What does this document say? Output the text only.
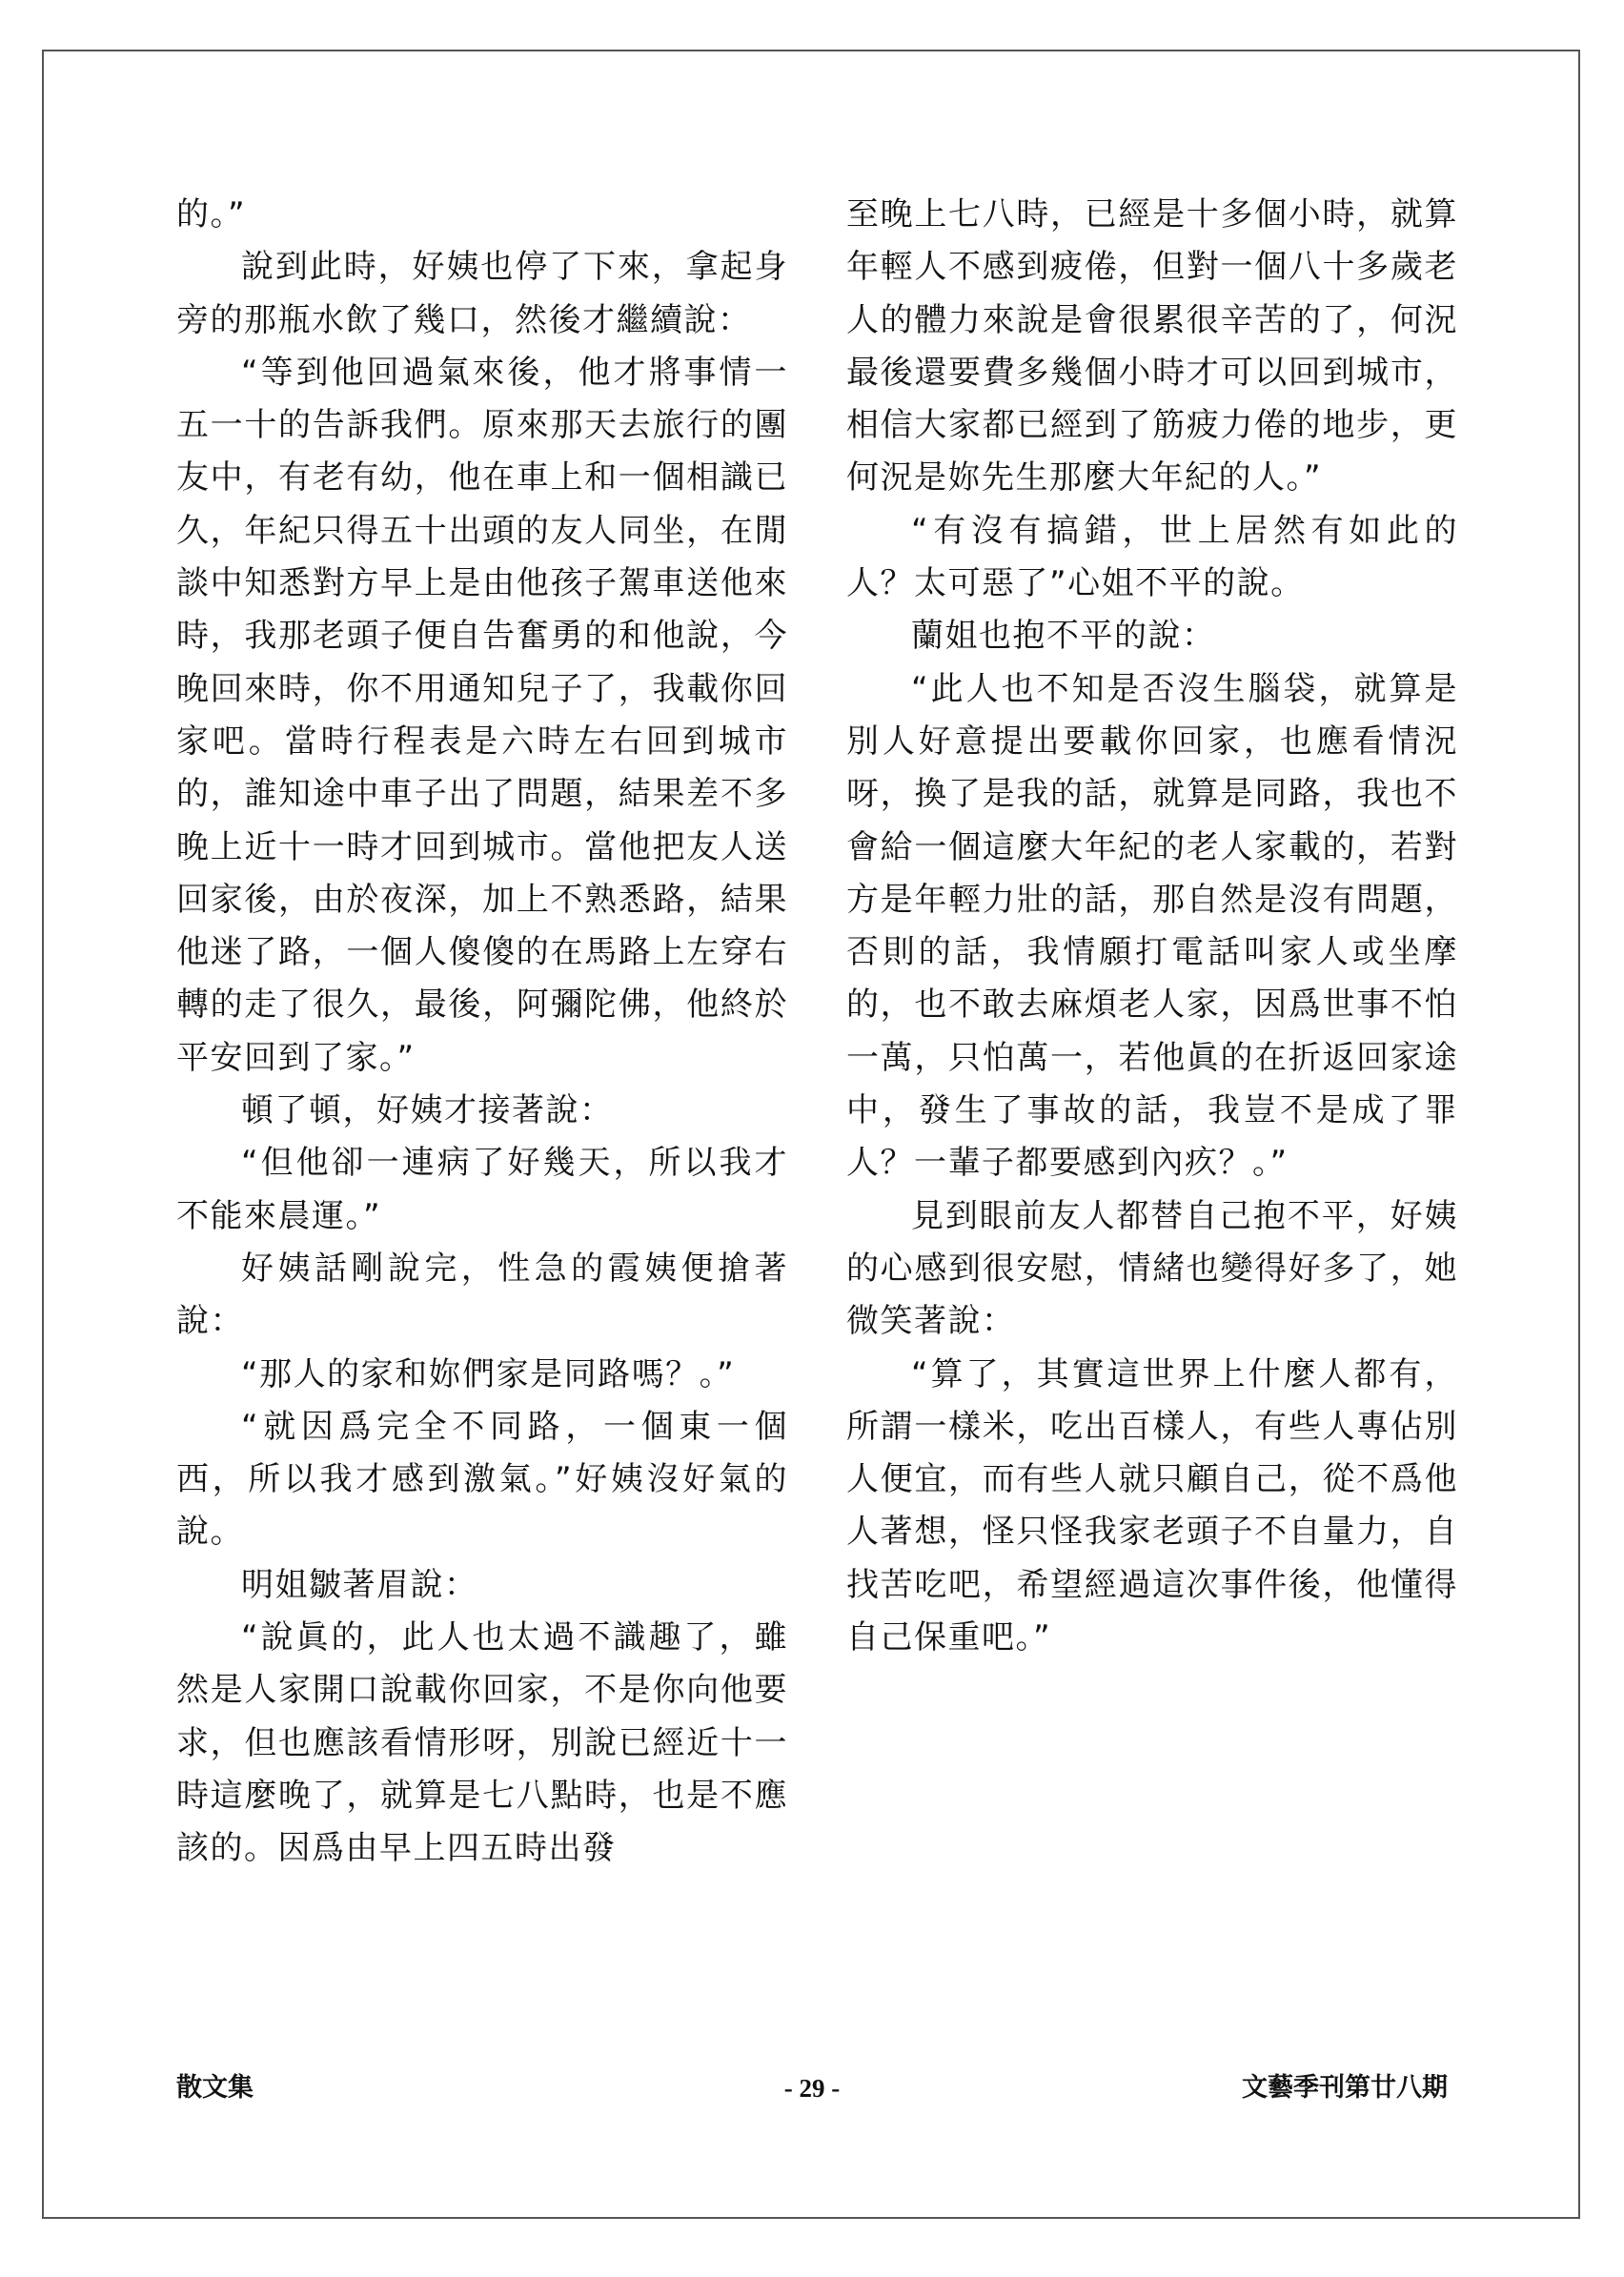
的。”

說到此時，好姨也停了下來，拿起身旁的那瓶水飲了幾口，然後才繼續說：

“等到他回過氣來後，他才將事情一五一十的告訴我們。原來那天去旅行的團友中，有老有幼，他在車上和一個相識已久，年紀只得五十出頭的友人同坐，在閒談中知悉對方早上是由他孩子駕車送他來時，我那老頭子便自告奮勇的和他說，今晚回來時，你不用通知兒子了，我載你回家吧。當時行程表是六時左右回到城市的，誰知途中車子出了問題，結果差不多晚上近十一時才回到城市。當他把友人送回家後，由於夜深，加上不熟悉路，結果他迷了路，一個人傻傻的在馬路上左穿右轉的走了很久，最後，阿彌陀佛，他終於平安回到了家。”

頓了頓，好姨才接著說：

“但他卻一連病了好幾天，所以我才不能來晨運。”

好姨話剛說完，性急的霞姨便搶著說：

“那人的家和妳們家是同路嗎？。”

“就因爲完全不同路，一個東一個西，所以我才感到激氣。”好姨沒好氣的說。

明姐皺著眉說：

“說眞的，此人也太過不識趣了，雖然是人家開口說載你回家，不是你向他要求，但也應該看情形呀，別說已經近十一時這麼晚了，就算是七八點時，也是不應該的。因爲由早上四五時出發

至晚上七八時，已經是十多個小時，就算年輕人不感到疲倦，但對一個八十多歲老人的體力來說是會很累很辛苦的了，何況最後還要費多幾個小時才可以回到城市，相信大家都已經到了筋疲力倦的地步，更何況是妳先生那麼大年紀的人。”

“有沒有搞錯，世上居然有如此的人？太可惡了”心姐不平的說。

蘭姐也抱不平的說：

“此人也不知是否沒生腦袋，就算是別人好意提出要載你回家，也應看情況呀，換了是我的話，就算是同路，我也不會給一個這麼大年紀的老人家載的，若對方是年輕力壯的話，那自然是沒有問題，否則的話，我情願打電話叫家人或坐摩的，也不敢去麻煩老人家，因爲世事不怕一萬，只怕萬一，若他眞的在折返回家途中，發生了事故的話，我豈不是成了罪人？一輩子都要感到內疚？。”

見到眼前友人都替自己抱不平，好姨的心感到很安慰，情緒也變得好多了，她微笑著說：

“算了，其實這世界上什麼人都有，所謂一樣米，吃出百樣人，有些人專佔別人便宜，而有些人就只顧自己，從不爲他人著想，怪只怪我家老頭子不自量力，自找苦吃吧，希望經過這次事件後，他懂得自己保重吧。”

散文集	- 29 -	文藝季刊第廿八期
